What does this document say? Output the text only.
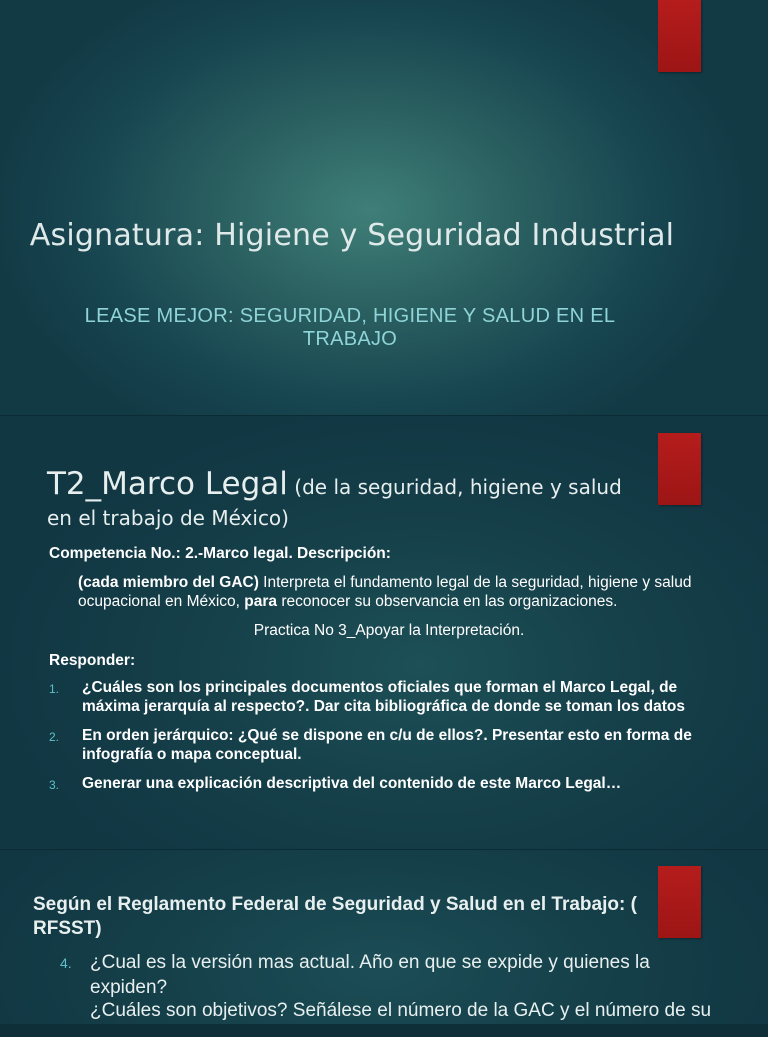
Asignatura: Higiene y Seguridad Industrial
LEASE MEJOR: SEGURIDAD, HIGIENE Y SALUD EN EL TRABAJO
T2_Marco Legal (de la seguridad, higiene y salud en el trabajo de México)
Competencia No.: 2.-Marco legal. Descripción:
(cada miembro del GAC) Interpreta el fundamento legal de la seguridad, higiene y salud ocupacional en México, para reconocer su observancia en las organizaciones.
Practica No 3_Apoyar la Interpretación.
Responder:
1. ¿Cuáles son los principales documentos oficiales que forman el Marco Legal, de máxima jerarquía al respecto?. Dar cita bibliográfica de donde se toman los datos
2. En orden jerárquico: ¿Qué se dispone en c/u de ellos?. Presentar esto en forma de infografía o mapa conceptual.
3. Generar una explicación descriptiva del contenido de este Marco Legal…
Según el Reglamento Federal de Seguridad y Salud en el Trabajo: ( RFSST)
4. ¿Cual es la versión mas actual. Año en que se expide y quienes la expiden?
¿Cuáles son objetivos? Señálese el número de la GAC y el número de su
